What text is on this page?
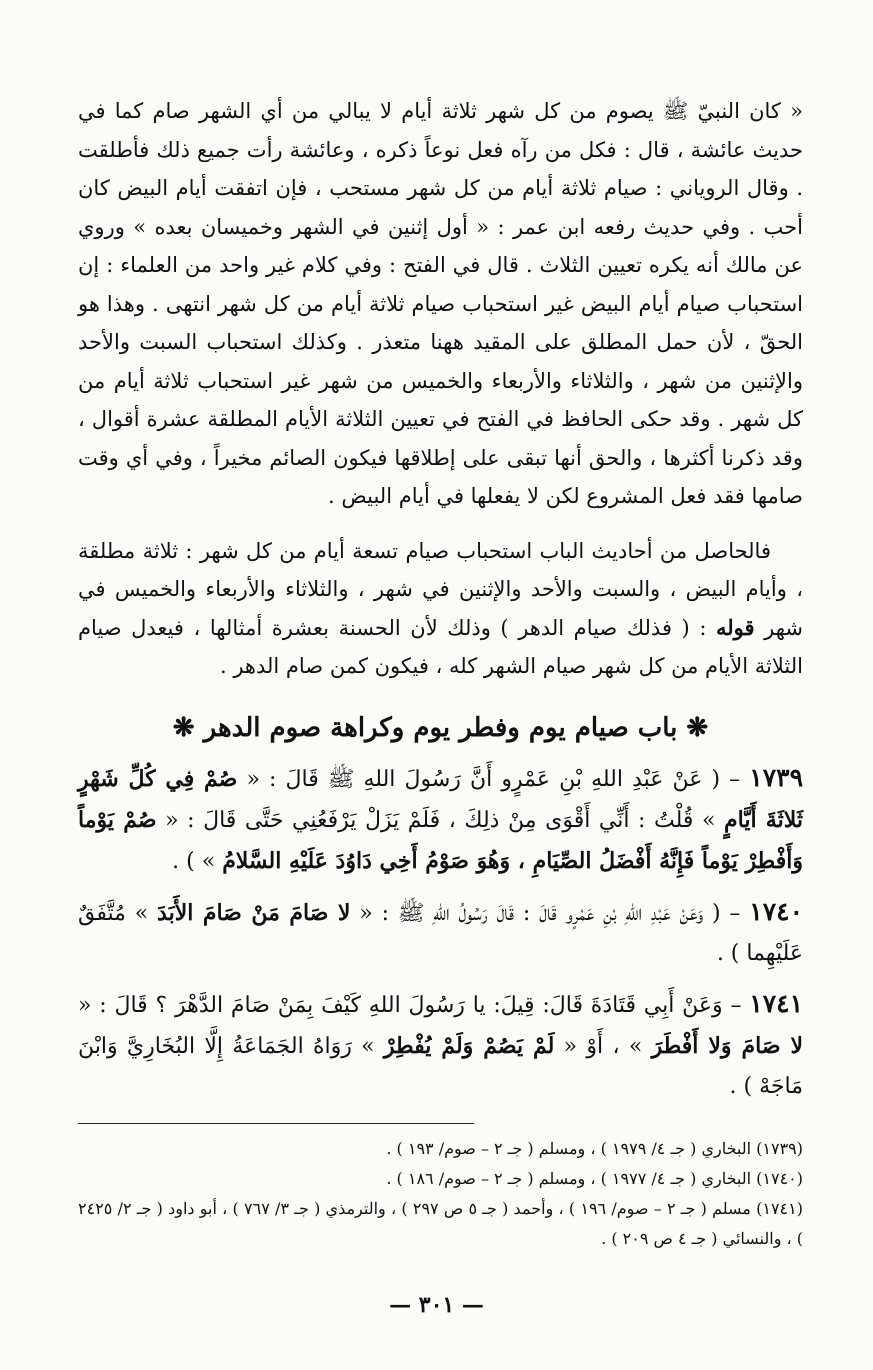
« كان النبيّ ﷺ يصوم من كل شهر ثلاثة أيام لا يبالي من أي الشهر صام كما في حديث عائشة ، قال : فكل من رآه فعل نوعاً ذكره ، وعائشة رأت جميع ذلك فأطلقت . وقال الروياني : صيام ثلاثة أيام من كل شهر مستحب ، فإن اتفقت أيام البيض كان أحب . وفي حديث رفعه ابن عمر : « أول إثنين في الشهر وخميسان بعده » وروي عن مالك أنه يكره تعيين الثلاث . قال في الفتح : وفي كلام غير واحد من العلماء : إن استحباب صيام أيام البيض غير استحباب صيام ثلاثة أيام من كل شهر انتهى . وهذا هو الحقّ ، لأن حمل المطلق على المقيد ههنا متعذر . وكذلك استحباب السبت والأحد والإثنين من شهر ، والثلاثاء والأربعاء والخميس من شهر غير استحباب ثلاثة أيام من كل شهر . وقد حكى الحافظ في الفتح في تعيين الثلاثة الأيام المطلقة عشرة أقوال ، وقد ذكرنا أكثرها ، والحق أنها تبقى على إطلاقها فيكون الصائم مخيراً ، وفي أي وقت صامها فقد فعل المشروع لكن لا يفعلها في أيام البيض .

فالحاصل من أحاديث الباب استحباب صيام تسعة أيام من كل شهر : ثلاثة مطلقة ، وأيام البيض ، والسبت والأحد والإثنين في شهر ، والثلاثاء والأربعاء والخميس في شهر قوله : ( فذلك صيام الدهر ) وذلك لأن الحسنة بعشرة أمثالها ، فيعدل صيام الثلاثة الأيام من كل شهر صيام الشهر كله ، فيكون كمن صام الدهر .

❋ باب صيام يوم وفطر يوم وكراهة صوم الدهر ❋

١٧٣٩ – ( عَنْ عَبْدِ اللهِ بْنِ عَمْرٍو أَنَّ رَسُولَ اللهِ ﷺ قَالَ : « صُمْ فِي كُلِّ شَهْرٍ ثَلاثَةَ أَيَّامٍ » قُلْتُ : أَنِّي أَقْوَى مِنْ ذلِكَ ، فَلَمْ يَزَلْ يَرْفَعُنِي حَتَّى قَالَ : « صُمْ يَوْماً وَأَفْطِرْ يَوْماً فَإِنَّهُ أَفْضَلُ الصِّيَامِ ، وَهُوَ صَوْمُ أَخِي دَاوُدَ عَلَيْهِ السَّلامُ » ) .

١٧٤٠ – ( وَعَنْ عَبْدِ اللهِ بْنِ عَمْرٍو قَالَ : قَالَ رَسُولُ اللهِ ﷺ : « لا صَامَ مَنْ صَامَ الأَبَدَ » مُتَّفَقٌ عَلَيْهِما ) .

١٧٤١ – وَعَنْ أَبِي قَتَادَةَ قَالَ: قِيلَ: يا رَسُولَ اللهِ كَيْفَ بِمَنْ صَامَ الدَّهْرَ ؟ قَالَ : « لا صَامَ وَلا أَفْطَرَ » ، أَوْ « لَمْ يَصُمْ وَلَمْ يُفْطِرْ » رَوَاهُ الجَمَاعَةُ إِلَّا البُخَارِيَّ وَابْنَ مَاجَهْ ) .

(١٧٣٩) البخاري ( جـ ٤/ ١٩٧٩ ) ، ومسلم ( جـ ٢ – صوم/ ١٩٣ ) .

(١٧٤٠) البخاري ( جـ ٤/ ١٩٧٧ ) ، ومسلم ( جـ ٢ – صوم/ ١٨٦ ) .

(١٧٤١) مسلم ( جـ ٢ – صوم/ ١٩٦ ) ، وأحمد ( جـ ٥ ص ٢٩٧ ) ، والترمذي ( جـ ٣/ ٧٦٧ ) ، أبو داود ( جـ ٢/ ٢٤٢٥ ) ، والنسائي ( جـ ٤ ص ٢٠٩ ) .

— ٣٠١ —
